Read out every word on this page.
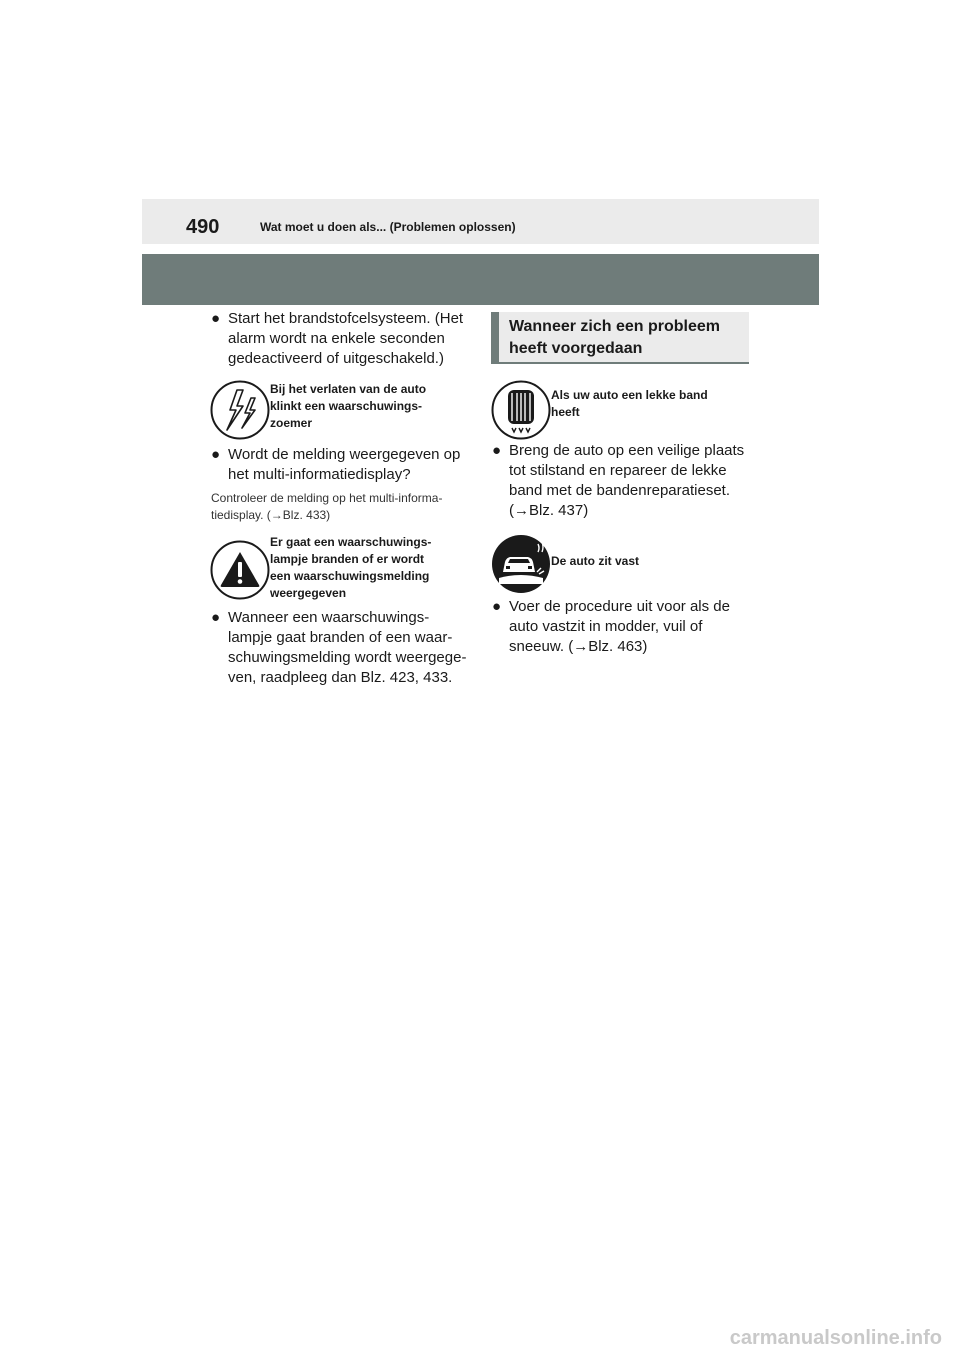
490	Wat moet u doen als... (Problemen oplossen)
● Start het brandstofcelsysteem. (Het
alarm wordt na enkele seconden
gedeactiveerd of uitgeschakeld.)
Bij het verlaten van de auto
klinkt een waarschuwings-
zoemer
● Wordt de melding weergegeven op
het multi-informatiedisplay?
Controleer de melding op het multi-informa-
tiedisplay. (→Blz. 433)
Er gaat een waarschuwings-
lampje branden of er wordt
een waarschuwingsmelding
weergegeven
● Wanneer een waarschuwings-
lampje gaat branden of een waar-
schuwingsmelding wordt weergege-
ven, raadpleeg dan Blz. 423, 433.
Wanneer zich een probleem
heeft voorgedaan
Als uw auto een lekke band
heeft
● Breng de auto op een veilige plaats
tot stilstand en repareer de lekke
band met de bandenreparatieset.
(→Blz. 437)
De auto zit vast
● Voer de procedure uit voor als de
auto vastzit in modder, vuil of
sneeuw. (→Blz. 463)
carmanualsonline.info
